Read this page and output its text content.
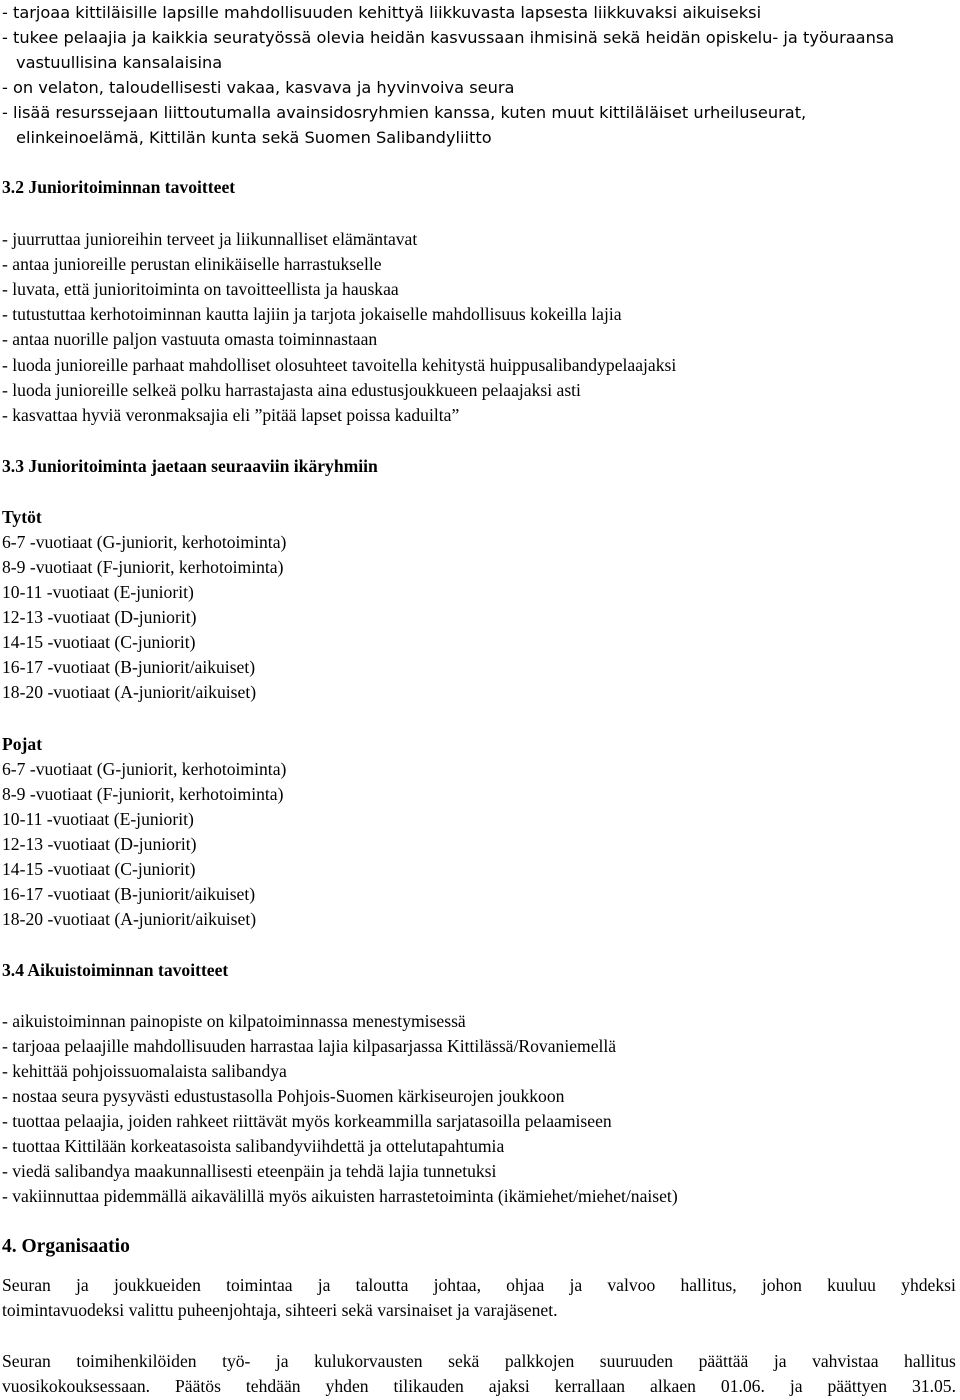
- tarjoaa kittiläisille lapsille mahdollisuuden kehittyä liikkuvasta lapsesta liikkuvaksi aikuiseksi
- tukee pelaajia ja kaikkia seuratyössä olevia heidän kasvussaan ihmisinä sekä heidän opiskelu- ja työuraansa
vastuullisina kansalaisina
- on velaton, taloudellisesti vakaa, kasvava ja hyvinvoiva seura
- lisää resurssejaan liittoutumalla avainsidosryhmien kanssa, kuten muut kittiläläiset urheiluseurat,
elinkeinoelämä, Kittilän kunta sekä Suomen Salibandyliitto
3.2 Junioritoiminnan tavoitteet
- juurruttaa junioreihin terveet ja liikunnalliset elämäntavat
- antaa junioreille perustan elinikäiselle harrastukselle
- luvata, että junioritoiminta on tavoitteellista ja hauskaa
- tutustuttaa kerhotoiminnan kautta lajiin ja tarjota jokaiselle mahdollisuus kokeilla lajia
- antaa nuorille paljon vastuuta omasta toiminnastaan
- luoda junioreille parhaat mahdolliset olosuhteet tavoitella kehitystä huippusalibandypelaajaksi
- luoda junioreille selkeä polku harrastajasta aina edustusjoukkueen pelaajaksi asti
- kasvattaa hyviä veronmaksajia eli ”pitää lapset poissa kaduilta”
3.3 Junioritoiminta jaetaan seuraaviin ikäryhmiin
Tytöt
6-7 -vuotiaat (G-juniorit, kerhotoiminta)
8-9 -vuotiaat (F-juniorit, kerhotoiminta)
10-11 -vuotiaat (E-juniorit)
12-13 -vuotiaat (D-juniorit)
14-15 -vuotiaat (C-juniorit)
16-17 -vuotiaat (B-juniorit/aikuiset)
18-20 -vuotiaat (A-juniorit/aikuiset)
Pojat
6-7 -vuotiaat (G-juniorit, kerhotoiminta)
8-9 -vuotiaat (F-juniorit, kerhotoiminta)
10-11 -vuotiaat (E-juniorit)
12-13 -vuotiaat (D-juniorit)
14-15 -vuotiaat (C-juniorit)
16-17 -vuotiaat (B-juniorit/aikuiset)
18-20 -vuotiaat (A-juniorit/aikuiset)
3.4 Aikuistoiminnan tavoitteet
- aikuistoiminnan painopiste on kilpatoiminnassa menestymisessä
- tarjoaa pelaajille mahdollisuuden harrastaa lajia kilpasarjassa Kittilässä/Rovaniemellä
- kehittää pohjoissuomalaista salibandya
- nostaa seura pysyvästi edustustasolla Pohjois-Suomen kärkiseurojen joukkoon
- tuottaa pelaajia, joiden rahkeet riittävät myös korkeammilla sarjatasoilla pelaamiseen
- tuottaa Kittilään korkeatasoista salibandyviihdettä ja ottelutapahtumia
- viedä salibandya maakunnallisesti eteenpäin ja tehdä lajia tunnetuksi
- vakiinnuttaa pidemmällä aikavälillä myös aikuisten harrastetoiminta (ikämiehet/miehet/naiset)
4. Organisaatio
Seuran ja joukkueiden toimintaa ja taloutta johtaa, ohjaa ja valvoo hallitus, johon kuuluu yhdeksi
toimintavuodeksi valittu puheenjohtaja, sihteeri sekä varsinaiset ja varajäsenet.
Seuran toimihenkilöiden työ- ja kulukorvausten sekä palkkojen suuruuden päättää ja vahvistaa hallitus
vuosikokouksessaan. Päätös tehdään yhden tilikauden ajaksi kerrallaan alkaen 01.06. ja päättyen 31.05.
